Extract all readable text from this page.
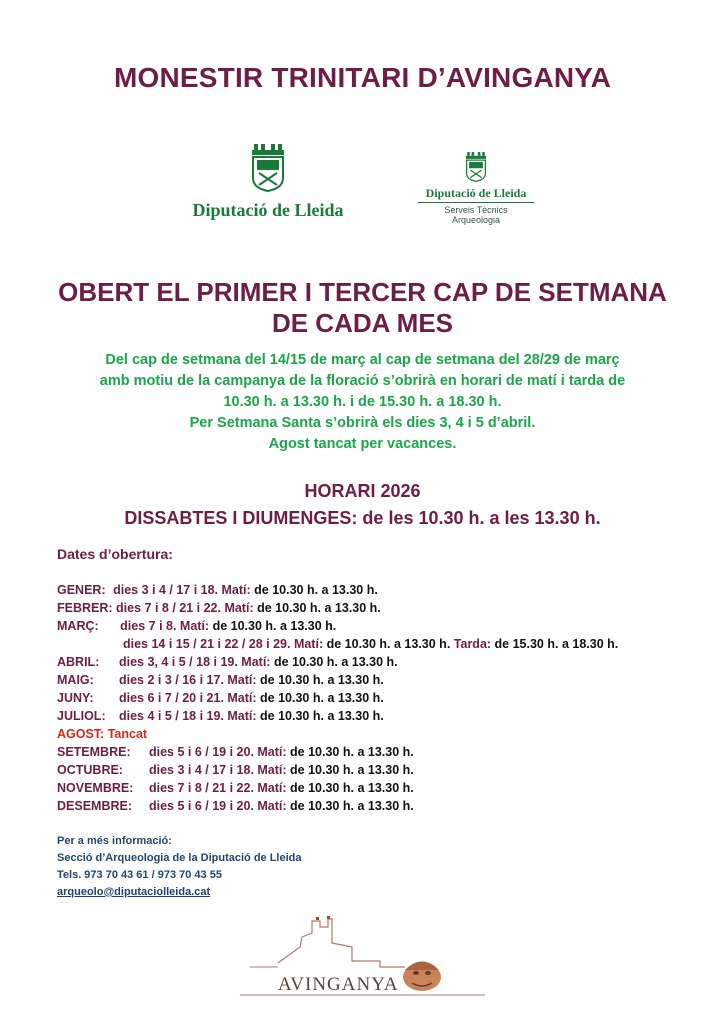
MONESTIR TRINITARI D’AVINGANYA
Diputació de Lleida
Diputació de Lleida
Serveis Tècnics
Arqueologia
OBERT EL PRIMER I TERCER CAP DE SETMANA
DE CADA MES
Del cap de setmana del 14/15 de març al cap de setmana del 28/29 de març
amb motiu de la campanya de la floració s’obrirà en horari de matí i tarda de
10.30 h. a 13.30 h. i de 15.30 h. a 18.30 h.
Per Setmana Santa s’obrirà els dies 3, 4 i 5 d’abril.
Agost tancat per vacances.
HORARI 2026
DISSABTES I DIUMENGES: de les 10.30 h. a les 13.30 h.
Dates d’obertura:
GENER: dies 3 i 4 / 17 i 18. Matí: de 10.30 h. a 13.30 h.
FEBRER: dies 7 i 8 / 21 i 22. Matí: de 10.30 h. a 13.30 h.
MARÇ: dies 7 i 8. Matí: de 10.30 h. a 13.30 h.
dies 14 i 15 / 21 i 22 / 28 i 29. Matí: de 10.30 h. a 13.30 h. Tarda: de 15.30 h. a 18.30 h.
ABRIL: dies 3, 4 i 5 / 18 i 19. Matí: de 10.30 h. a 13.30 h.
MAIG: dies 2 i 3 / 16 i 17. Matí: de 10.30 h. a 13.30 h.
JUNY: dies 6 i 7 / 20 i 21. Matí: de 10.30 h. a 13.30 h.
JULIOL: dies 4 i 5 / 18 i 19. Matí: de 10.30 h. a 13.30 h.
AGOST: Tancat
SETEMBRE: dies 5 i 6 / 19 i 20. Matí: de 10.30 h. a 13.30 h.
OCTUBRE: dies 3 i 4 / 17 i 18. Matí: de 10.30 h. a 13.30 h.
NOVEMBRE: dies 7 i 8 / 21 i 22. Matí: de 10.30 h. a 13.30 h.
DESEMBRE: dies 5 i 6 / 19 i 20. Matí: de 10.30 h. a 13.30 h.
Per a més informació:
Secció d’Arqueologia de la Diputació de Lleida
Tels. 973 70 43 61 / 973 70 43 55
arqueolo@diputaciolleida.cat
AVINGANYA
